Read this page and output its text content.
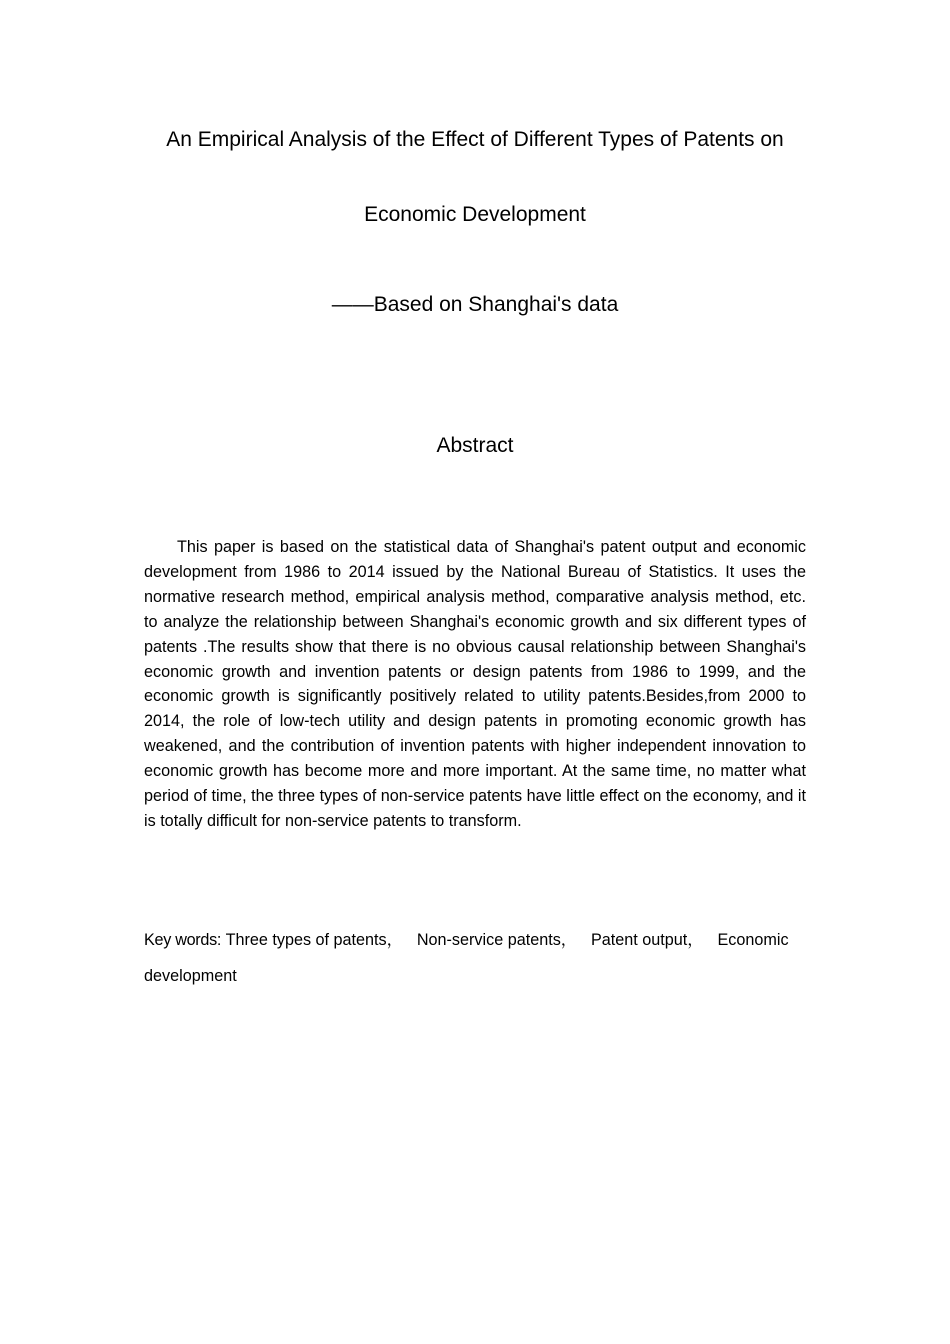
An Empirical Analysis of the Effect of Different Types of Patents on
Economic Development
——Based on Shanghai's data
Abstract

This paper is based on the statistical data of Shanghai's patent output and economic development from 1986 to 2014 issued by the National Bureau of Statistics. It uses the normative research method, empirical analysis method, comparative analysis method, etc. to analyze the relationship between Shanghai's economic growth and six different types of patents .The results show that there is no obvious causal relationship between Shanghai's economic growth and invention patents or design patents from 1986 to 1999, and the economic growth is significantly positively related to utility patents.Besides,from 2000 to 2014, the role of low-tech utility and design patents in promoting economic growth has weakened, and the contribution of invention patents with higher independent innovation to economic growth has become more and more important. At the same time, no matter what period of time, the three types of non-service patents have little effect on the economy, and it is totally difficult for non-service patents to transform.

Key words: Three types of patents， Non-service patents， Patent output， Economic development
